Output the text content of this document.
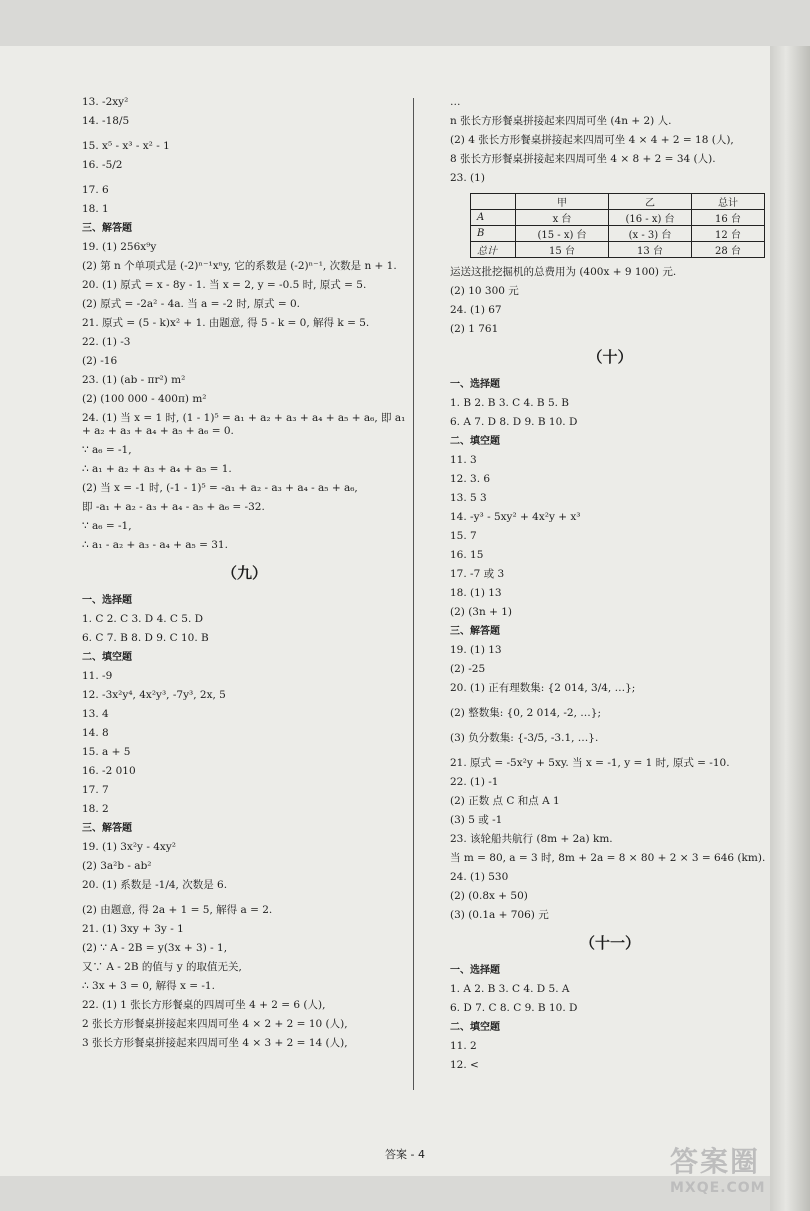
13. -2xy²
14. -18/5
15. x⁵ - x³ - x² - 1
16. -5/2
17. 6
18. 1
三、解答题
19. (1) 256x⁹y
(2) 第 n 个单项式是 (-2)ⁿ⁻¹xⁿy, 它的系数是 (-2)ⁿ⁻¹, 次数是 n + 1.
20. (1) 原式 = x - 8y - 1. 当 x = 2, y = -0.5 时, 原式 = 5.
(2) 原式 = -2a² - 4a. 当 a = -2 时, 原式 = 0.
21. 原式 = (5 - k)x² + 1. 由题意, 得 5 - k = 0, 解得 k = 5.
22. (1) -3
(2) -16
23. (1) (ab - πr²) m²
(2) (100 000 - 400π) m²
24. (1) 当 x = 1 时, (1 - 1)⁵ = a₁ + a₂ + a₃ + a₄ + a₅ + a₆, 即 a₁ + a₂ + a₃ + a₄ + a₅ + a₆ = 0.
∵ a₆ = -1,
∴ a₁ + a₂ + a₃ + a₄ + a₅ = 1.
(2) 当 x = -1 时, (-1 - 1)⁵ = -a₁ + a₂ - a₃ + a₄ - a₅ + a₆,
即 -a₁ + a₂ - a₃ + a₄ - a₅ + a₆ = -32.
∵ a₆ = -1,
∴ a₁ - a₂ + a₃ - a₄ + a₅ = 31.
（九）
一、选择题
1. C 2. C 3. D 4. C 5. D
6. C 7. B 8. D 9. C 10. B
二、填空题
11. -9
12. -3x²y⁴, 4x²y³, -7y³, 2x, 5
13. 4
14. 8
15. a + 5
16. -2 010
17. 7
18. 2
三、解答题
19. (1) 3x²y - 4xy²
(2) 3a²b - ab²
20. (1) 系数是 -1/4, 次数是 6.
(2) 由题意, 得 2a + 1 = 5, 解得 a = 2.
21. (1) 3xy + 3y - 1
(2) ∵ A - 2B = y(3x + 3) - 1,
又∵ A - 2B 的值与 y 的取值无关,
∴ 3x + 3 = 0, 解得 x = -1.
22. (1) 1 张长方形餐桌的四周可坐 4 + 2 = 6 (人),
2 张长方形餐桌拼接起来四周可坐 4 × 2 + 2 = 10 (人),
3 张长方形餐桌拼接起来四周可坐 4 × 3 + 2 = 14 (人),
…
n 张长方形餐桌拼接起来四周可坐 (4n + 2) 人.
(2) 4 张长方形餐桌拼接起来四周可坐 4 × 4 + 2 = 18 (人),
8 张长方形餐桌拼接起来四周可坐 4 × 8 + 2 = 34 (人).
23. (1)
	甲	乙	总计
A	x 台	(16 - x) 台	16 台
B	(15 - x) 台	(x - 3) 台	12 台
总计	15 台	13 台	28 台
运送这批挖掘机的总费用为 (400x + 9 100) 元.
(2) 10 300 元
24. (1) 67
(2) 1 761
（十）
一、选择题
1. B 2. B 3. C 4. B 5. B
6. A 7. D 8. D 9. B 10. D
二、填空题
11. 3
12. 3. 6
13. 5 3
14. -y³ - 5xy² + 4x²y + x³
15. 7
16. 15
17. -7 或 3
18. (1) 13
(2) (3n + 1)
三、解答题
19. (1) 13
(2) -25
20. (1) 正有理数集: {2 014, 3/4, …};
(2) 整数集: {0, 2 014, -2, …};
(3) 负分数集: {-3/5, -3.1, …}.
21. 原式 = -5x²y + 5xy. 当 x = -1, y = 1 时, 原式 = -10.
22. (1) -1
(2) 正数 点 C 和点 A 1
(3) 5 或 -1
23. 该轮船共航行 (8m + 2a) km.
当 m = 80, a = 3 时, 8m + 2a = 8 × 80 + 2 × 3 = 646 (km).
24. (1) 530
(2) (0.8x + 50)
(3) (0.1a + 706) 元
（十一）
一、选择题
1. A 2. B 3. C 4. D 5. A
6. D 7. C 8. C 9. B 10. D
二、填空题
11. 2
12. <
答案 - 4	答案圈
MXQE.COM
